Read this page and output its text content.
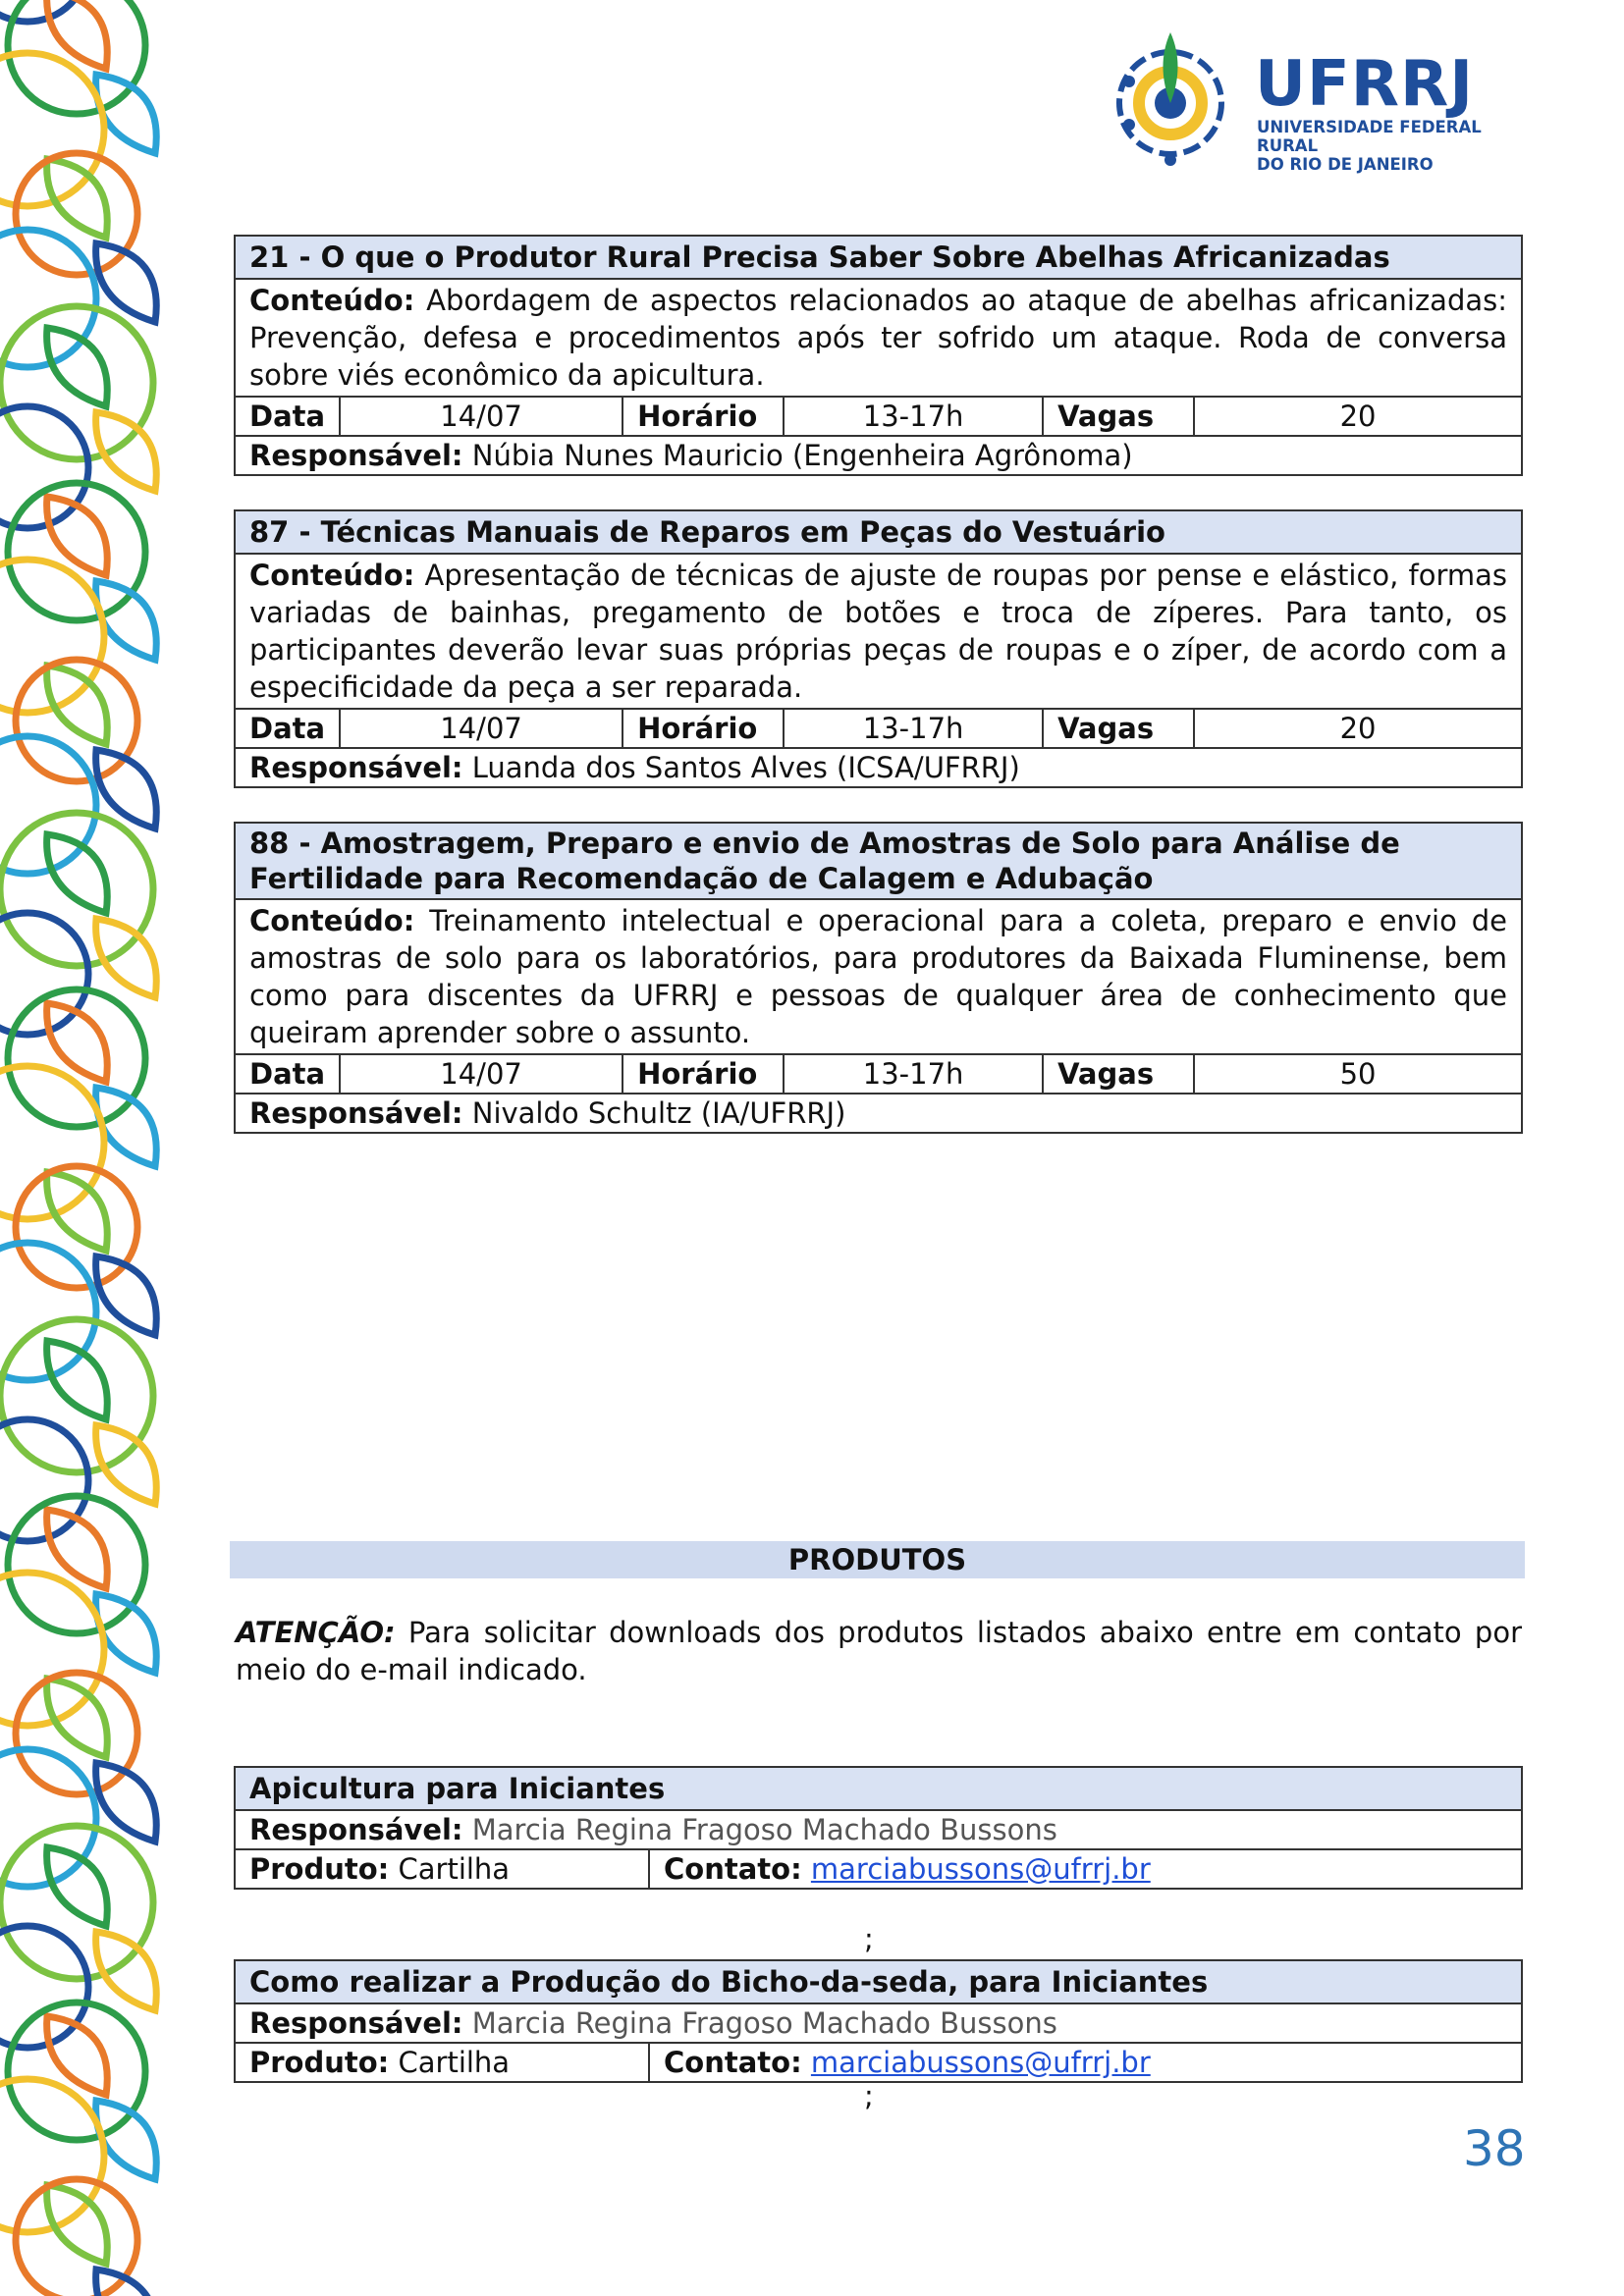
UFRRJ
UNIVERSIDADE FEDERAL RURAL
DO RIO DE JANEIRO
21 - O que o Produtor Rural Precisa Saber Sobre Abelhas Africanizadas
Conteúdo: Abordagem de aspectos relacionados ao ataque de abelhas africanizadas: Prevenção, defesa e procedimentos após ter sofrido um ataque. Roda de conversa sobre viés econômico da apicultura.
Data	14/07	Horário	13-17h	Vagas	20
Responsável: Núbia Nunes Mauricio (Engenheira Agrônoma)
87 - Técnicas Manuais de Reparos em Peças do Vestuário
Conteúdo: Apresentação de técnicas de ajuste de roupas por pense e elástico, formas variadas de bainhas, pregamento de botões e troca de zíperes. Para tanto, os participantes deverão levar suas próprias peças de roupas e o zíper, de acordo com a especificidade da peça a ser reparada.
Data	14/07	Horário	13-17h	Vagas	20
Responsável: Luanda dos Santos Alves (ICSA/UFRRJ)
88 - Amostragem, Preparo e envio de Amostras de Solo para Análise de Fertilidade para Recomendação de Calagem e Adubação
Conteúdo: Treinamento intelectual e operacional para a coleta, preparo e envio de amostras de solo para os laboratórios, para produtores da Baixada Fluminense, bem como para discentes da UFRRJ e pessoas de qualquer área de conhecimento que queiram aprender sobre o assunto.
Data	14/07	Horário	13-17h	Vagas	50
Responsável: Nivaldo Schultz (IA/UFRRJ)
PRODUTOS
ATENÇÃO: Para solicitar downloads dos produtos listados abaixo entre em contato por meio do e-mail indicado.
Apicultura para Iniciantes
Responsável: Marcia Regina Fragoso Machado Bussons
Produto: Cartilha	Contato: marciabussons@ufrrj.br
;
Como realizar a Produção do Bicho-da-seda, para Iniciantes
Responsável: Marcia Regina Fragoso Machado Bussons
Produto: Cartilha	Contato: marciabussons@ufrrj.br
;
38
